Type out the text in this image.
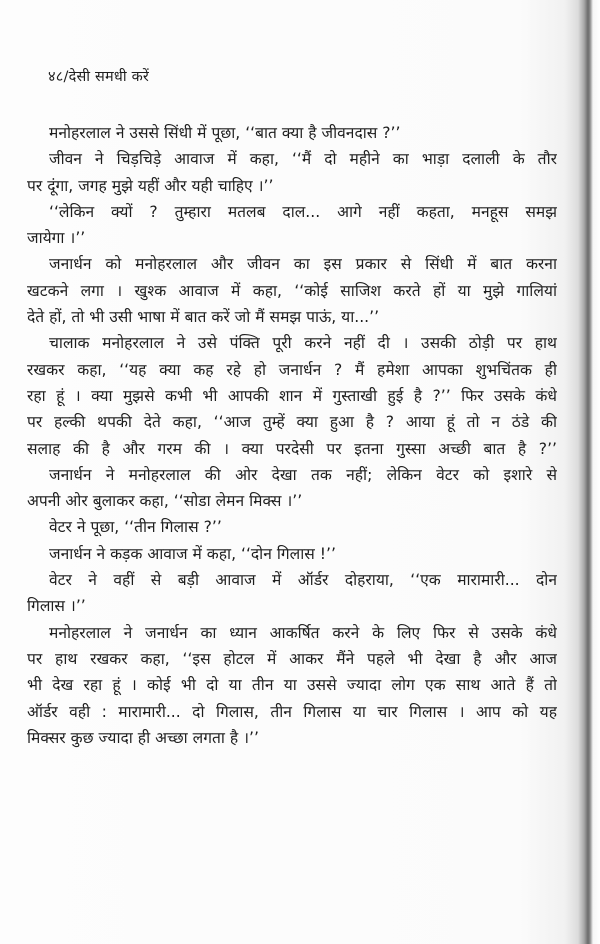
४८/देसी समधी करें
मनोहरलाल ने उससे सिंधी में पूछा, ‘‘बात क्या है जीवनदास ?’’
जीवन ने चिड़चिड़े आवाज में कहा, ‘‘मैं दो महीने का भाड़ा दलाली के तौर
पर दूंगा, जगह मुझे यहीं और यही चाहिए ।’’
‘‘लेकिन क्यों ? तुम्हारा मतलब दाल... आगे नहीं कहता, मनहूस समझ
जायेगा ।’’
जनार्धन को मनोहरलाल और जीवन का इस प्रकार से सिंधी में बात करना
खटकने लगा । खुश्क आवाज में कहा, ‘‘कोई साजिश करते हों या मुझे गालियां
देते हों, तो भी उसी भाषा में बात करें जो मैं समझ पाऊं, या...’’
चालाक मनोहरलाल ने उसे पंक्ति पूरी करने नहीं दी । उसकी ठोड़ी पर हाथ
रखकर कहा, ‘‘यह क्या कह रहे हो जनार्धन ? मैं हमेशा आपका शुभचिंतक ही
रहा हूं । क्या मुझसे कभी भी आपकी शान में गुस्ताखी हुई है ?’’ फिर उसके कंधे
पर हल्की थपकी देते कहा, ‘‘आज तुम्हें क्या हुआ है ? आया हूं तो न ठंडे की
सलाह की है और गरम की । क्या परदेसी पर इतना गुस्सा अच्छी बात है ?’’
जनार्धन ने मनोहरलाल की ओर देखा तक नहीं; लेकिन वेटर को इशारे से
अपनी ओर बुलाकर कहा, ‘‘सोडा लेमन मिक्स ।’’
वेटर ने पूछा, ‘‘तीन गिलास ?’’
जनार्धन ने कड़क आवाज में कहा, ‘‘दोन गिलास !’’
वेटर ने वहीं से बड़ी आवाज में ऑर्डर दोहराया, ‘‘एक मारामारी... दोन
गिलास ।’’
मनोहरलाल ने जनार्धन का ध्यान आकर्षित करने के लिए फिर से उसके कंधे
पर हाथ रखकर कहा, ‘‘इस होटल में आकर मैंने पहले भी देखा है और आज
भी देख रहा हूं । कोई भी दो या तीन या उससे ज्यादा लोग एक साथ आते हैं तो
ऑर्डर वही : मारामारी... दो गिलास, तीन गिलास या चार गिलास । आप को यह
मिक्सर कुछ ज्यादा ही अच्छा लगता है ।’’
